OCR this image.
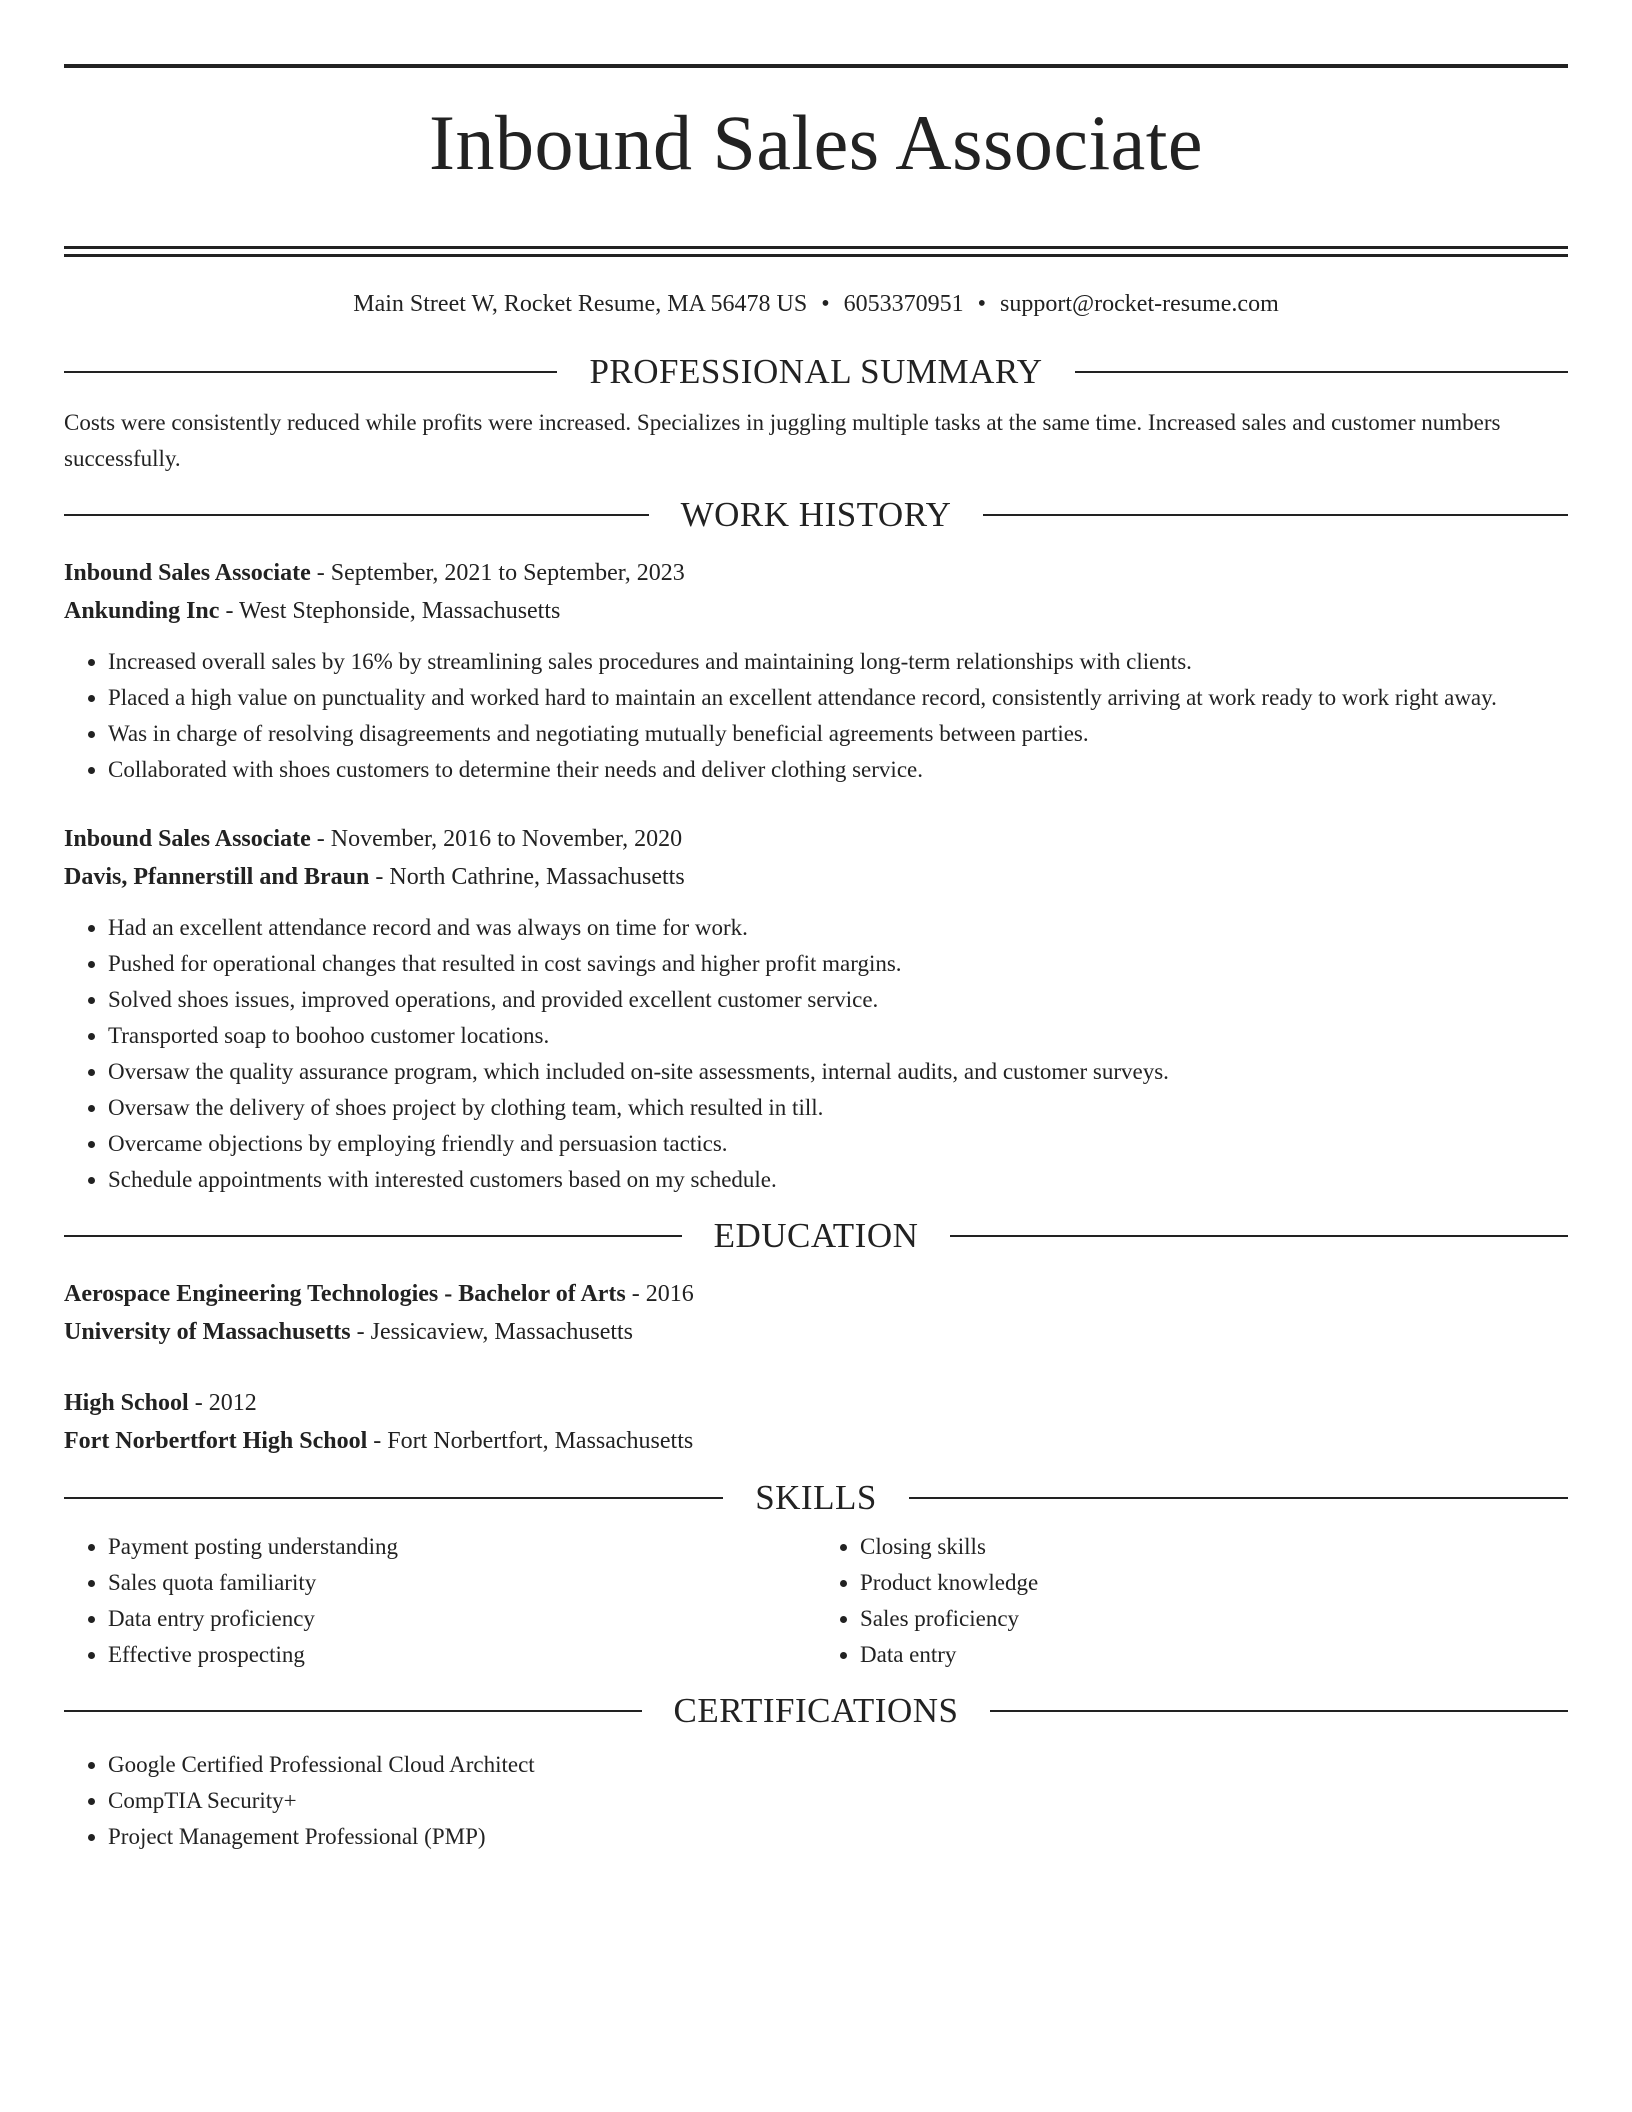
Inbound Sales Associate
Main Street W, Rocket Resume, MA 56478 US • 6053370951 • support@rocket-resume.com
PROFESSIONAL SUMMARY
Costs were consistently reduced while profits were increased. Specializes in juggling multiple tasks at the same time. Increased sales and customer numbers successfully.
WORK HISTORY
Inbound Sales Associate - September, 2021 to September, 2023
Ankunding Inc - West Stephonside, Massachusetts
• Increased overall sales by 16% by streamlining sales procedures and maintaining long-term relationships with clients.
• Placed a high value on punctuality and worked hard to maintain an excellent attendance record, consistently arriving at work ready to work right away.
• Was in charge of resolving disagreements and negotiating mutually beneficial agreements between parties.
• Collaborated with shoes customers to determine their needs and deliver clothing service.
Inbound Sales Associate - November, 2016 to November, 2020
Davis, Pfannerstill and Braun - North Cathrine, Massachusetts
• Had an excellent attendance record and was always on time for work.
• Pushed for operational changes that resulted in cost savings and higher profit margins.
• Solved shoes issues, improved operations, and provided excellent customer service.
• Transported soap to boohoo customer locations.
• Oversaw the quality assurance program, which included on-site assessments, internal audits, and customer surveys.
• Oversaw the delivery of shoes project by clothing team, which resulted in till.
• Overcame objections by employing friendly and persuasion tactics.
• Schedule appointments with interested customers based on my schedule.
EDUCATION
Aerospace Engineering Technologies - Bachelor of Arts - 2016
University of Massachusetts - Jessicaview, Massachusetts
High School - 2012
Fort Norbertfort High School - Fort Norbertfort, Massachusetts
SKILLS
• Payment posting understanding
• Sales quota familiarity
• Data entry proficiency
• Effective prospecting
• Closing skills
• Product knowledge
• Sales proficiency
• Data entry
CERTIFICATIONS
• Google Certified Professional Cloud Architect
• CompTIA Security+
• Project Management Professional (PMP)
